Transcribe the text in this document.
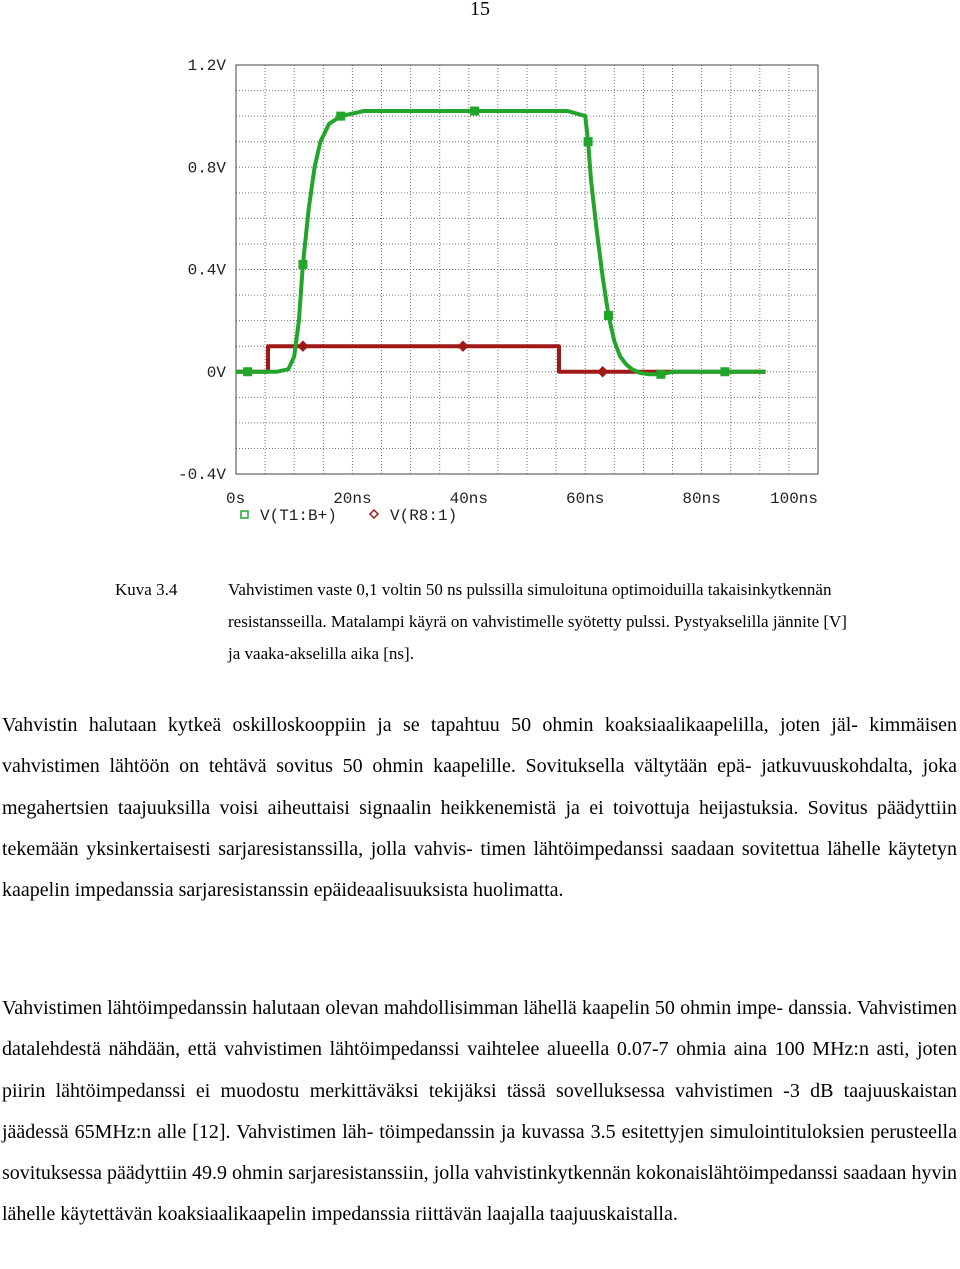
15
1.2V
0.8V
0.4V
0V
-0.4V
0s	20ns	40ns	60ns	80ns	100ns
V(T1:B+)	V(R8:1)
Kuva 3.4	Vahvistimen vaste 0,1 voltin 50 ns pulssilla simuloituna optimoiduilla takaisinkytkennän
resistansseilla. Matalampi käyrä on vahvistimelle syötetty pulssi. Pystyakselilla jännite [V]
ja vaaka-akselilla aika [ns].
Vahvistin halutaan kytkeä oskilloskooppiin ja se tapahtuu 50 ohmin koaksiaalikaapelilla, joten jäl- kimmäisen vahvistimen lähtöön on tehtävä sovitus 50 ohmin kaapelille. Sovituksella vältytään epä- jatkuvuuskohdalta, joka megahertsien taajuuksilla voisi aiheuttaisi signaalin heikkenemistä ja ei toivottuja heijastuksia. Sovitus päädyttiin tekemään yksinkertaisesti sarjaresistanssilla, jolla vahvis- timen lähtöimpedanssi saadaan sovitettua lähelle käytetyn kaapelin impedanssia sarjaresistanssin epäideaalisuuksista huolimatta.
Vahvistimen lähtöimpedanssin halutaan olevan mahdollisimman lähellä kaapelin 50 ohmin impe- danssia. Vahvistimen datalehdestä nähdään, että vahvistimen lähtöimpedanssi vaihtelee alueella 0.07-7 ohmia aina 100 MHz:n asti, joten piirin lähtöimpedanssi ei muodostu merkittäväksi tekijäksi tässä sovelluksessa vahvistimen -3 dB taajuuskaistan jäädessä 65MHz:n alle [12]. Vahvistimen läh- töimpedanssin ja kuvassa 3.5 esitettyjen simulointituloksien perusteella sovituksessa päädyttiin 49.9 ohmin sarjaresistanssiin, jolla vahvistinkytkennän kokonaislähtöimpedanssi saadaan hyvin lähelle käytettävän koaksiaalikaapelin impedanssia riittävän laajalla taajuuskaistalla.
